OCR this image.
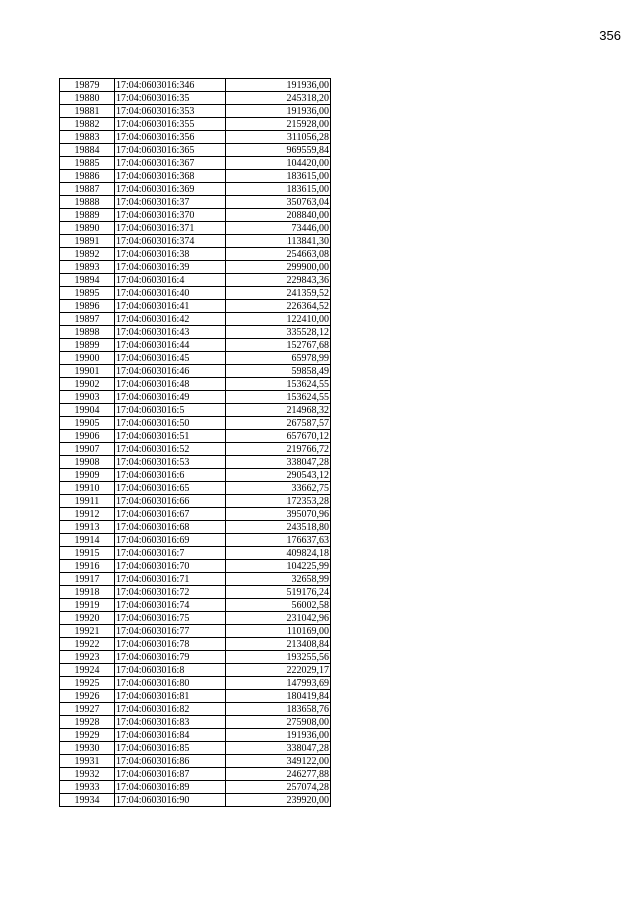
356
19879	17:04:0603016:346	191936,00
19880	17:04:0603016:35	245318,20
19881	17:04:0603016:353	191936,00
19882	17:04:0603016:355	215928,00
19883	17:04:0603016:356	311056,28
19884	17:04:0603016:365	969559,84
19885	17:04:0603016:367	104420,00
19886	17:04:0603016:368	183615,00
19887	17:04:0603016:369	183615,00
19888	17:04:0603016:37	350763,04
19889	17:04:0603016:370	208840,00
19890	17:04:0603016:371	73446,00
19891	17:04:0603016:374	113841,30
19892	17:04:0603016:38	254663,08
19893	17:04:0603016:39	299900,00
19894	17:04:0603016:4	229843,36
19895	17:04:0603016:40	241359,52
19896	17:04:0603016:41	226364,52
19897	17:04:0603016:42	122410,00
19898	17:04:0603016:43	335528,12
19899	17:04:0603016:44	152767,68
19900	17:04:0603016:45	65978,99
19901	17:04:0603016:46	59858,49
19902	17:04:0603016:48	153624,55
19903	17:04:0603016:49	153624,55
19904	17:04:0603016:5	214968,32
19905	17:04:0603016:50	267587,57
19906	17:04:0603016:51	657670,12
19907	17:04:0603016:52	219766,72
19908	17:04:0603016:53	338047,28
19909	17:04:0603016:6	290543,12
19910	17:04:0603016:65	33662,75
19911	17:04:0603016:66	172353,28
19912	17:04:0603016:67	395070,96
19913	17:04:0603016:68	243518,80
19914	17:04:0603016:69	176637,63
19915	17:04:0603016:7	409824,18
19916	17:04:0603016:70	104225,99
19917	17:04:0603016:71	32658,99
19918	17:04:0603016:72	519176,24
19919	17:04:0603016:74	56002,58
19920	17:04:0603016:75	231042,96
19921	17:04:0603016:77	110169,00
19922	17:04:0603016:78	213408,84
19923	17:04:0603016:79	193255,56
19924	17:04:0603016:8	222029,17
19925	17:04:0603016:80	147993,69
19926	17:04:0603016:81	180419,84
19927	17:04:0603016:82	183658,76
19928	17:04:0603016:83	275908,00
19929	17:04:0603016:84	191936,00
19930	17:04:0603016:85	338047,28
19931	17:04:0603016:86	349122,00
19932	17:04:0603016:87	246277,88
19933	17:04:0603016:89	257074,28
19934	17:04:0603016:90	239920,00
